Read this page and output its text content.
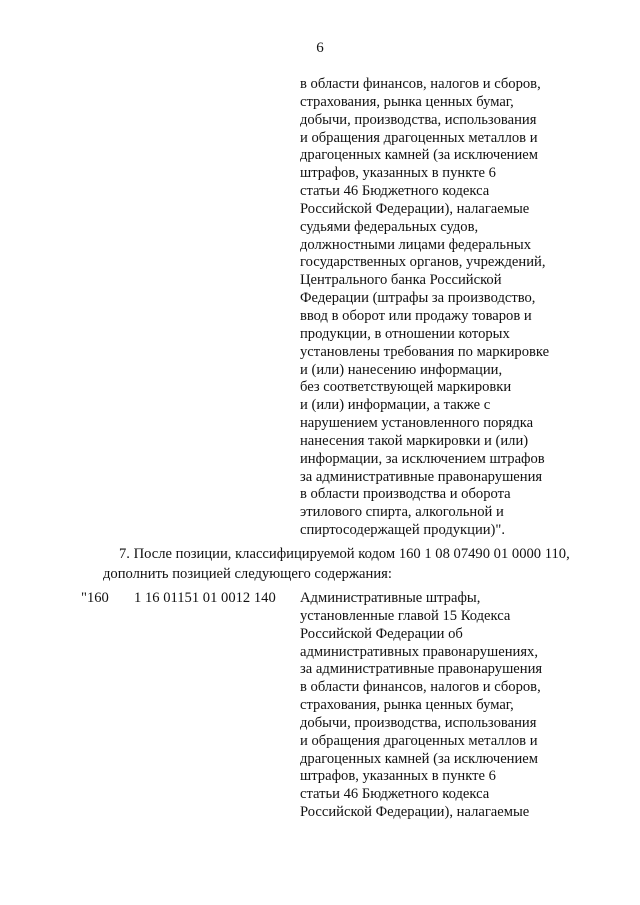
6
в области финансов, налогов и сборов,
страхования, рынка ценных бумаг,
добычи, производства, использования
и обращения драгоценных металлов и
драгоценных камней (за исключением
штрафов, указанных в пункте 6
статьи 46 Бюджетного кодекса
Российской Федерации), налагаемые
судьями федеральных судов,
должностными лицами федеральных
государственных органов, учреждений,
Центрального банка Российской
Федерации (штрафы за производство,
ввод в оборот или продажу товаров и
продукции, в отношении которых
установлены требования по маркировке
и (или) нанесению информации,
без соответствующей маркировки
и (или) информации, а также с
нарушением установленного порядка
нанесения такой маркировки и (или)
информации, за исключением штрафов
за административные правонарушения
в области производства и оборота
этилового спирта, алкогольной и
спиртосодержащей продукции)".
7. После позиции, классифицируемой кодом 160 1 08 07490 01 0000 110,
дополнить позицией следующего содержания:
"160 1 16 01151 01 0012 140 Административные штрафы,
установленные главой 15 Кодекса
Российской Федерации об
административных правонарушениях,
за административные правонарушения
в области финансов, налогов и сборов,
страхования, рынка ценных бумаг,
добычи, производства, использования
и обращения драгоценных металлов и
драгоценных камней (за исключением
штрафов, указанных в пункте 6
статьи 46 Бюджетного кодекса
Российской Федерации), налагаемые
